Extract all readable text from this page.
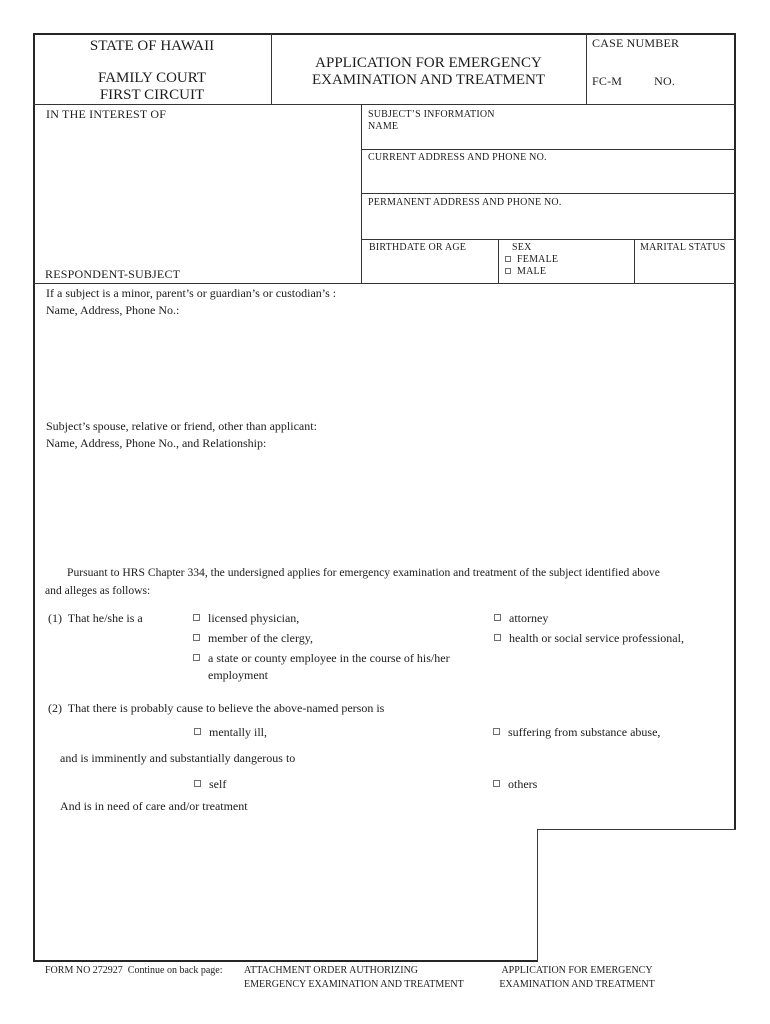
STATE OF HAWAII
FAMILY COURT
FIRST CIRCUIT
APPLICATION FOR EMERGENCY
EXAMINATION AND TREATMENT
CASE NUMBER
FC-M	NO.
IN THE INTEREST OF
RESPONDENT-SUBJECT
SUBJECT’S INFORMATION
NAME
CURRENT ADDRESS AND PHONE NO.
PERMANENT ADDRESS AND PHONE NO.
BIRTHDATE OR AGE	SEX
FEMALE
MALE
MARITAL STATUS
If a subject is a minor, parent’s or guardian’s or custodian’s :
Name, Address, Phone No.:
Subject’s spouse, relative or friend, other than applicant:
Name, Address, Phone No., and Relationship:
Pursuant to HRS Chapter 334, the undersigned applies for emergency examination and treatment of the subject identified above
and alleges as follows:
(1)  That he/she is a	licensed physician,
member of the clergy,
a state or county employee in the course of his/her employment
attorney
health or social service professional,
(2)  That there is probably cause to believe the above-named person is
mentally ill,	suffering from substance abuse,
and is imminently and substantially dangerous to
self	others
And is in need of care and/or treatment
FORM NO 272927  Continue on back page: ATTACHMENT ORDER AUTHORIZING
EMERGENCY EXAMINATION AND TREATMENT
APPLICATION FOR EMERGENCY
EXAMINATION AND TREATMENT
